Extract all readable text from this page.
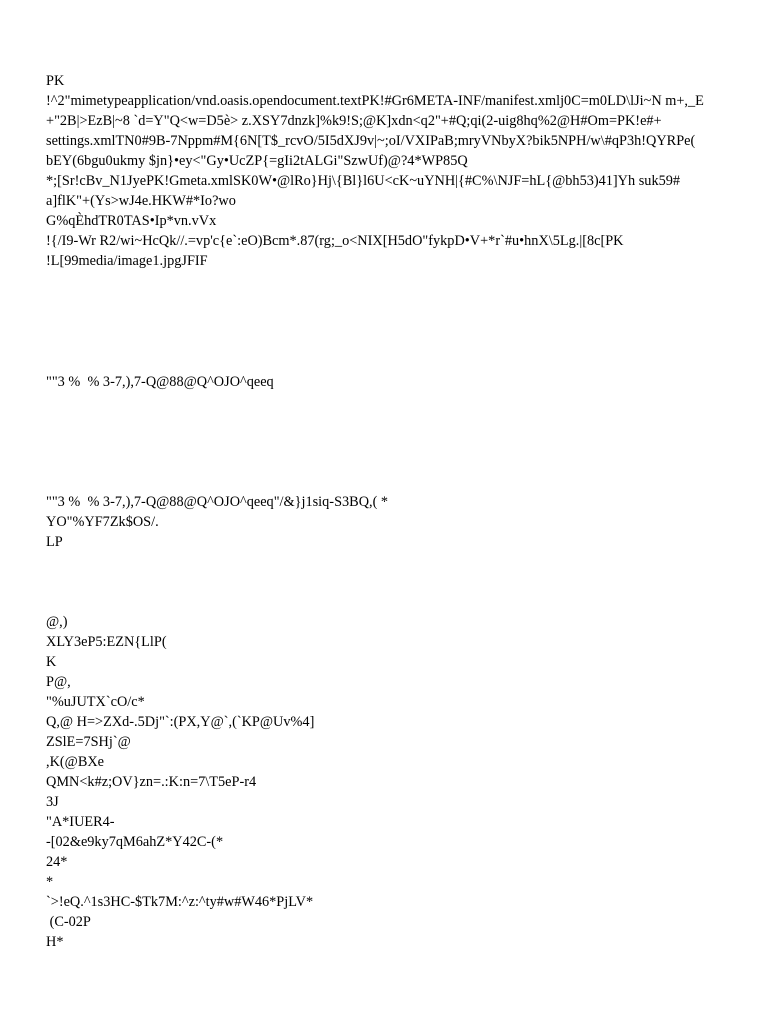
PK

!^2"mimetypeapplication/vnd.oasis.opendocument.textPK!#Gr6META-INF/manifest.xmlj0C=m0LD\lJi~N m+,_E

+"2B|>EzB|~8 `d=Y"Q<w=D5è> z.XSY7dnzk]%k9!S;@K]xdn<q2"+#Q;qi(2-uig8hq%2@H#Om=PK!e#+

settings.xmlTN0#9B-7Nppm#M{6N[T$_rcvO/5I5dXJ9v|~;oI/VXIPaB;mryVNbyX?bik5NPH/w\#qP3h!QYRPe(

bEY(6bgu0ukmy $jn}•ey<"Gy•UcZP{=gIi2tALGi"SzwUf)@?4*WP85Q

*;[Sr!cBv_N1JyePK!Gmeta.xmlSK0W•@lRo}Hj\{Bl}l6U<cK~uYNH|{#C%\NJF=hL{@bh53)41]Yh suk59#

a]flK"+(Ys>wJ4e.HKW#*Io?wo

G%qÈhdTR0TAS•Ip*vn.vVx

!{/I9-Wr R2/wi~HcQk//.=vp'c{e`:eO)Bcm*.87(rg;_o<NIX[H5dO"fykpD•V+*r`#u•hnX\5Lg.|[8c[PK

!L[99media/image1.jpgJFIF

""3 %  % 3-7,),7-Q@88@Q^OJO^qeeq

""3 %  % 3-7,),7-Q@88@Q^OJO^qeeq"/&}j1siq-S3BQ,( *

YO"%YF7Zk$OS/.

LP

@,)

XLY3eP5:EZN{LlP(

K

P@,

"%uJUTX`cO/c*

Q,@ H=>ZXd-.5Dj"`:(PX,Y@`,(`KP@Uv%4]

ZSlE=7SHj`@

,K(@BXe

QMN<k#z;OV}zn=.:K:n=7\T5eP-r4

3J

"A*IUER4-

-[02&e9ky7qM6ahZ*Y42C-(*

24*

*

`>!eQ.^1s3HC-$Tk7M:^z:^ty#w#W46*PjLV*

(C-02P

H*
